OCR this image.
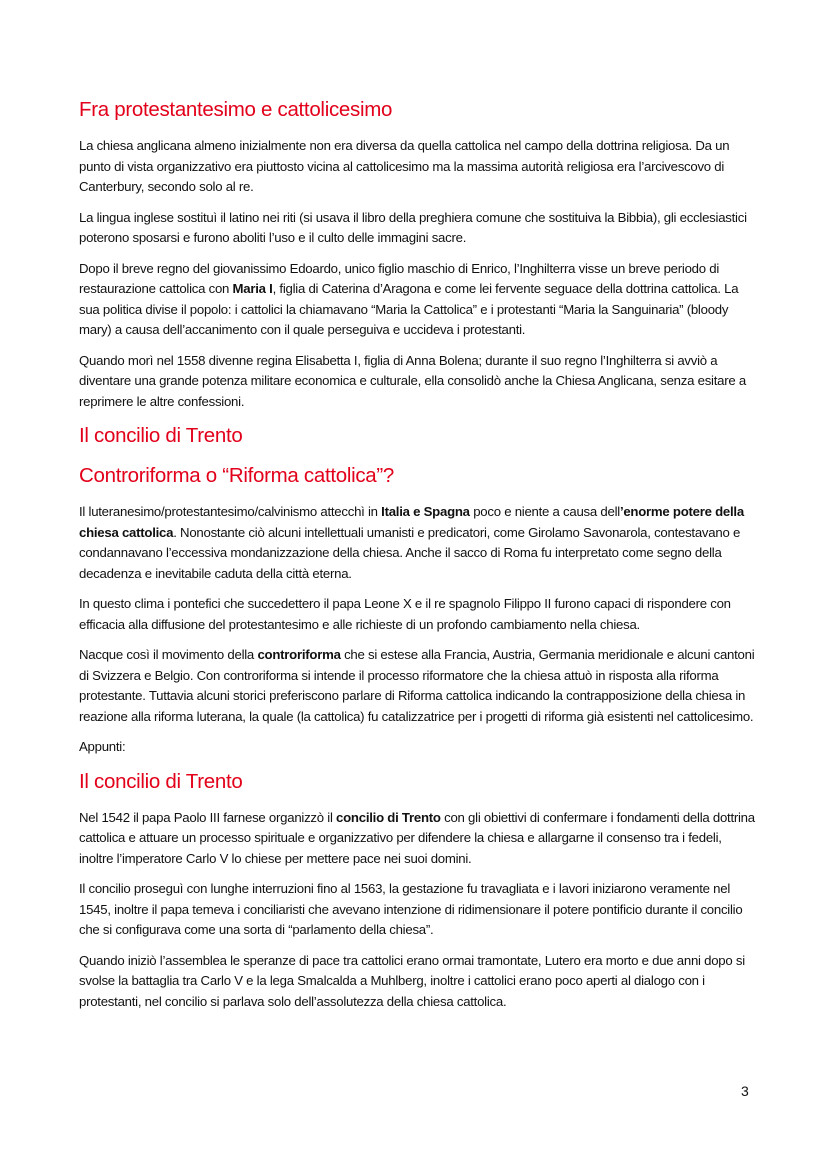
Fra protestantesimo e cattolicesimo

La chiesa anglicana almeno inizialmente non era diversa da quella cattolica nel campo della dottrina religiosa. Da un punto di vista organizzativo era piuttosto vicina al cattolicesimo ma la massima autorità religiosa era l’arcivescovo di Canterbury, secondo solo al re.

La lingua inglese sostituì il latino nei riti (si usava il libro della preghiera comune che sostituiva la Bibbia), gli ecclesiastici poterono sposarsi e furono aboliti l’uso e il culto delle immagini sacre.

Dopo il breve regno del giovanissimo Edoardo, unico figlio maschio di Enrico, l’Inghilterra visse un breve periodo di restaurazione cattolica con Maria I, figlia di Caterina d’Aragona e come lei fervente seguace della dottrina cattolica. La sua politica divise il popolo: i cattolici la chiamavano “Maria la Cattolica” e i protestanti “Maria la Sanguinaria” (bloody mary) a causa dell’accanimento con il quale perseguiva e uccideva i protestanti.

Quando morì nel 1558 divenne regina Elisabetta I, figlia di Anna Bolena; durante il suo regno l’Inghilterra si avviò a diventare una grande potenza militare economica e culturale, ella consolidò anche la Chiesa Anglicana, senza esitare a reprimere le altre confessioni.

Il concilio di Trento
Controriforma o “Riforma cattolica”?

Il luteranesimo/protestantesimo/calvinismo attecchì in Italia e Spagna poco e niente a causa dell’enorme potere della chiesa cattolica. Nonostante ciò alcuni intellettuali umanisti e predicatori, come Girolamo Savonarola, contestavano e condannavano l’eccessiva mondanizzazione della chiesa. Anche il sacco di Roma fu interpretato come segno della decadenza e inevitabile caduta della città eterna.

In questo clima i pontefici che succedettero il papa Leone X e il re spagnolo Filippo II furono capaci di rispondere con efficacia alla diffusione del protestantesimo e alle richieste di un profondo cambiamento nella chiesa.

Nacque così il movimento della controriforma che si estese alla Francia, Austria, Germania meridionale e alcuni cantoni di Svizzera e Belgio. Con controriforma si intende il processo riformatore che la chiesa attuò in risposta alla riforma protestante. Tuttavia alcuni storici preferiscono parlare di Riforma cattolica indicando la contrapposizione della chiesa in reazione alla riforma luterana, la quale (la cattolica) fu catalizzatrice per i progetti di riforma già esistenti nel cattolicesimo.

Appunti:

Il concilio di Trento

Nel 1542 il papa Paolo III farnese organizzò il concilio di Trento con gli obiettivi di confermare i fondamenti della dottrina cattolica e attuare un processo spirituale e organizzativo per difendere la chiesa e allargarne il consenso tra i fedeli, inoltre l’imperatore Carlo V lo chiese per mettere pace nei suoi domini.

Il concilio proseguì con lunghe interruzioni fino al 1563, la gestazione fu travagliata e i lavori iniziarono veramente nel 1545, inoltre il papa temeva i conciliaristi che avevano intenzione di ridimensionare il potere pontificio durante il concilio che si configurava come una sorta di “parlamento della chiesa”.

Quando iniziò l’assemblea le speranze di pace tra cattolici erano ormai tramontate, Lutero era morto e due anni dopo si svolse la battaglia tra Carlo V e la lega Smalcalda a Muhlberg, inoltre i cattolici erano poco aperti al dialogo con i protestanti, nel concilio si parlava solo dell’assolutezza della chiesa cattolica.

3
